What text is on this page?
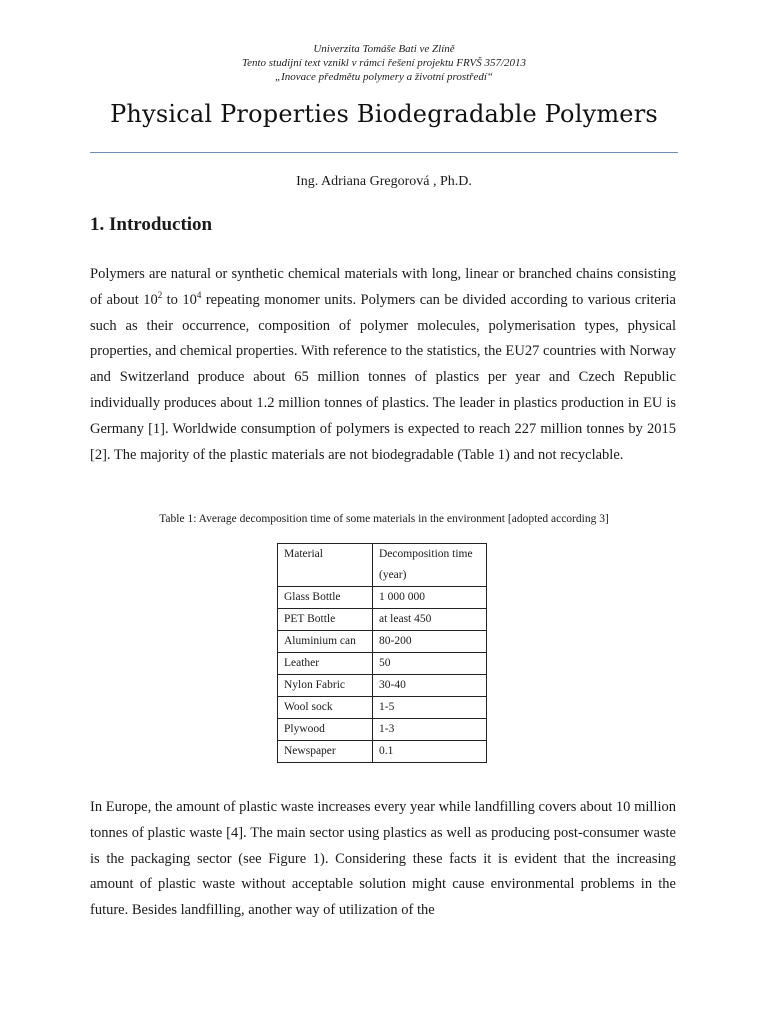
Univerzita Tomáše Bati ve Zlíně
Tento studijní text vznikl v rámci řešení projektu FRVŠ 357/2013
„Inovace předmětu polymery a životní prostředí“
Physical Properties Biodegradable Polymers
Ing. Adriana Gregorová , Ph.D.
1. Introduction
Polymers are natural or synthetic chemical materials with long, linear or branched chains consisting of about $10^2$ to $10^4$ repeating monomer units. Polymers can be divided according to various criteria such as their occurrence, composition of polymer molecules, polymerisation types, physical properties, and chemical properties. With reference to the statistics, the EU27 countries with Norway and Switzerland produce about 65 million tonnes of plastics per year and Czech Republic individually produces about 1.2 million tonnes of plastics. The leader in plastics production in EU is Germany [1]. Worldwide consumption of polymers is expected to reach 227 million tonnes by 2015 [2]. The majority of the plastic materials are not biodegradable (Table 1) and not recyclable.
Table 1: Average decomposition time of some materials in the environment [adopted according 3]
Material	Decomposition time (year)
Glass Bottle	1 000 000
PET Bottle	at least 450
Aluminium can	80-200
Leather	50
Nylon Fabric	30-40
Wool sock	1-5
Plywood	1-3
Newspaper	0.1
In Europe, the amount of plastic waste increases every year while landfilling covers about 10 million tonnes of plastic waste [4]. The main sector using plastics as well as producing post-consumer waste is the packaging sector (see Figure 1). Considering these facts it is evident that the increasing amount of plastic waste without acceptable solution might cause environmental problems in the future. Besides landfilling, another way of utilization of the
